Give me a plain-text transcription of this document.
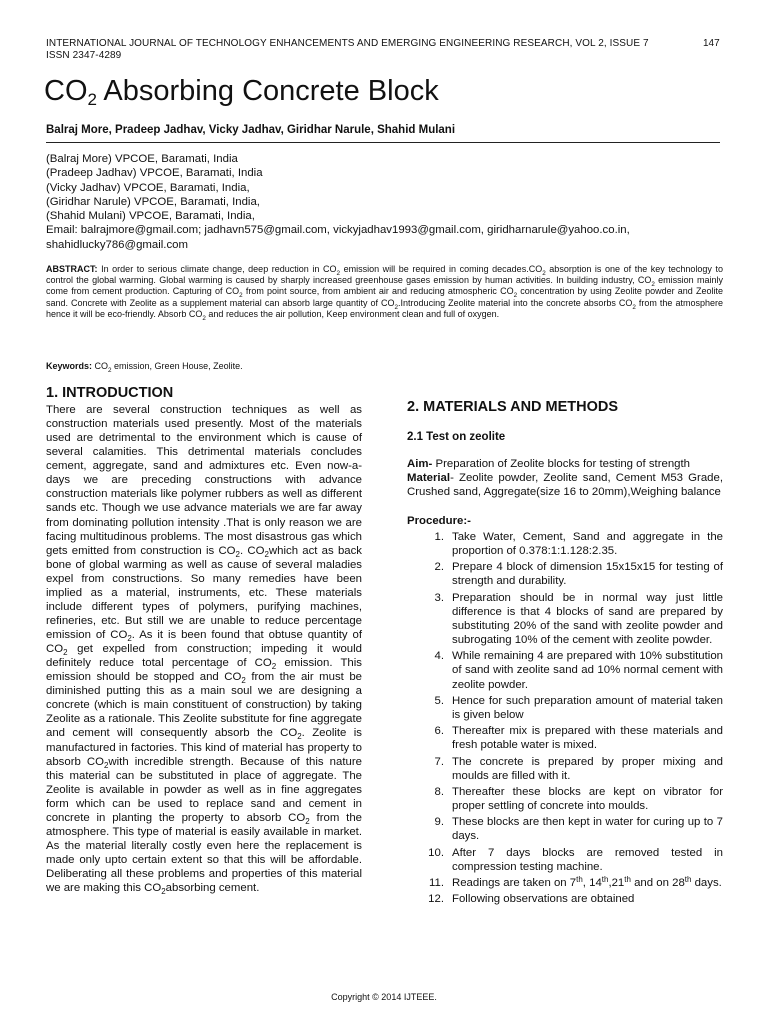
INTERNATIONAL JOURNAL OF TECHNOLOGY ENHANCEMENTS AND EMERGING ENGINEERING RESEARCH, VOL 2, ISSUE 7
ISSN 2347-4289
147
$CO_2$ Absorbing Concrete Block
Balraj More, Pradeep Jadhav, Vicky Jadhav, Giridhar Narule, Shahid Mulani
(Balraj More) VPCOE, Baramati, India
(Pradeep Jadhav) VPCOE, Baramati, India
(Vicky Jadhav) VPCOE, Baramati, India,
(Giridhar Narule) VPCOE, Baramati, India,
(Shahid Mulani) VPCOE, Baramati, India,
Email: balrajmore@gmail.com; jadhavn575@gmail.com, vickyjadhav1993@gmail.com, giridharnarule@yahoo.co.in,
shahidlucky786@gmail.com
ABSTRACT: In order to serious climate change, deep reduction in $CO_2$ emission will be required in coming $decades.CO_2$ absorption is one of the key technology to control the global warming. Global warming is caused by sharply increased greenhouse gases emission by human activities. In building industry, $CO_2$ emission mainly come from cement production. Capturing of $CO_2$ from point source, from ambient air and reducing atmospheric $CO_2$ concentration by using Zeolite powder and Zeolite sand. Concrete with Zeolite as a supplement material can absorb large quantity of $CO_2.Introducing$ Zeolite material into the concrete absorbs $CO_2$ from the atmosphere hence it will be eco-friendly. Absorb $CO_2$ and reduces the air pollution, Keep environment clean and full of oxygen.
Keywords: $CO_2$ emission, Green House, Zeolite.
1. INTRODUCTION
There are several construction techniques as well as construction materials used presently. Most of the materials used are detrimental to the environment which is cause of several calamities. This detrimental materials concludes cement, aggregate, sand and admixtures etc. Even now-a-days we are preceding constructions with advance construction materials like polymer rubbers as well as different sands etc. Though we use advance materials we are far away from dominating pollution intensity .That is only reason we are facing multitudinous problems. The most disastrous gas which gets emitted from construction is $CO_2$. $CO_2which$ act as back bone of global warming as well as cause of several maladies expel from constructions. So many remedies have been implied as a material, instruments, etc. These materials include different types of polymers, purifying machines, refineries, etc. But still we are unable to reduce percentage emission of $CO_2$. As it is been found that obtuse quantity of $CO_2$ get expelled from construction; impeding it would definitely reduce total percentage of $CO_2$ emission. This emission should be stopped and $CO_2$ from the air must be diminished putting this as a main soul we are designing a concrete (which is main constituent of construction) by taking Zeolite as a rationale. This Zeolite substitute for fine aggregate and cement will consequently absorb the $CO_2$. Zeolite is manufactured in factories. This kind of material has property to absorb $CO_2with$ incredible strength. Because of this nature this material can be substituted in place of aggregate. The Zeolite is available in powder as well as in fine aggregates form which can be used to replace sand and cement in concrete in planting the property to absorb $CO_2$ from the atmosphere. This type of material is easily available in market. As the material literally costly even here the replacement is made only upto certain extent so that this will be affordable. Deliberating all these problems and properties of this material we are making this $CO_2absorbing$ cement.
2. MATERIALS AND METHODS
2.1 Test on zeolite
Aim- Preparation of Zeolite blocks for testing of strength
Material- Zeolite powder, Zeolite sand, Cement M53 Grade, Crushed sand, Aggregate(size 16 to 20mm),Weighing balance
Procedure:-
1. Take Water, Cement, Sand and aggregate in the proportion of 0.378:1:1.128:2.35.
2. Prepare 4 block of dimension 15x15x15 for testing of strength and durability.
3. Preparation should be in normal way just little difference is that 4 blocks of sand are prepared by substituting 20% of the sand with zeolite powder and subrogating 10% of the cement with zeolite powder.
4. While remaining 4 are prepared with 10% substitution of sand with zeolite sand ad 10% normal cement with zeolite powder.
5. Hence for such preparation amount of material taken is given below
6. Thereafter mix is prepared with these materials and fresh potable water is mixed.
7. The concrete is prepared by proper mixing and moulds are filled with it.
8. Thereafter these blocks are kept on vibrator for proper settling of concrete into moulds.
9. These blocks are then kept in water for curing up to 7 days.
10. After 7 days blocks are removed tested in compression testing machine.
11. Readings are taken on 7th, 14th,21th and on 28th days.
12. Following observations are obtained
Copyright © 2014 IJTEEE.
